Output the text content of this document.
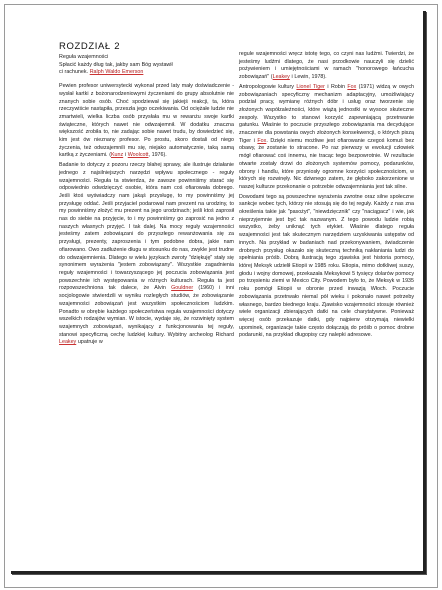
ROZDZIAŁ 2

Reguła wzajemności
Spłacić każdy dług tak, jakby sam Bóg wystawił
ci rachunek. Ralph Waldo Emerson

Pewien profesor uniwersytecki wykonał przed laty mały doświadczenie - wysłał kartki z bożonarodzeniowymi życzeniami do grupy absolutnie nie znanych sobie osób. Choć spodziewał się jakiejś reakcji, ta, która rzeczywiście nastąpiła, przeszła jego oczekiwania. Od ociężałe ludzie nie zmartwieli, wielka liczba osób przysłała mu w rewanżu swoje kartki świąteczne, których nawet nie odwzajemnił. W dodatku znaczna większość zrobiła to, nie zadając sobie nawet trudu, by dowiedzieć się, kim jest ów nieznany profesor. Po prostu, skoro dostali od niego życzenia, też odwzajemnili mu się, niejako automatycznie, taką samą kartką z życzeniami. (Kunz i Woolcott, 1976).

Badanie to dotyczy z pozoru rzeczy błahej sprawy, ale ilustruje działanie jednego z najsilniejszych narzędzi wpływu społecznego - reguły wzajemności. Reguła ta stwierdza, że zawsze powinniśmy starać się odpowiednio odwdzięczyć osobie, która nam coś ofiarowała dobrego. Jeśli ktoś wyświadczy nam jakąś przysługę, to my powinniśmy jej przysługę oddać. Jeśli przyjaciel podarował nam prezent na urodziny, to my powinniśmy złożyć mu prezent na jego urodzinach; jeśli ktoś zaprosił nas do siebie na przyjęcie, to i my powinniśmy go zaprosić na jedno z naszych własnych przyjęć. I tak dalej. Na mocy reguły wzajemności jesteśmy zatem zobowiązani do przyszłego rewanżowania się za przysługi, prezenty, zaproszenia i tym podobne dobra, jakie nam ofiarowano. Owo zadłużenie długu w stosunku do nas, zwykle jest trudne do odwzajemnienia. Dlatego w wielu językach zwroty "dziękuję" stały się synonimem wyrażenia "jestem zobowiązany". Wszystkie zagadnienia reguły wzajemności i towarzyszącego jej poczucia zobowiązania jest powszechnie ich występowania w różnych kulturach. Reguła ta jest rozpowszechniona tak dalece, że Alvin Gouldner (1960) i inni socjologowie stwierdzili w wyniku rozległych studiów, że zobowiązanie wzajemności zobowiązań jest wszystkim społecznościom ludzkim. Ponadto w obrębie każdego społeczeństwa reguła wzajemności dotyczy wszelkich rodzajów wymian. W istocie, wydaje się, że rozwinięty system wzajemnych zobowiązań, wynikający z funkcjonowania tej reguły, stanowi specyficzną cechę ludzkiej kultury. Wybitny archeolog Richard Leakey upatruje w

regule wzajemności wręcz istotę tego, co czyni nas ludźmi. Twierdzi, że jesteśmy ludźmi dlatego, że nasi przodkowie nauczyli się dzielić pożywieniem i umiejętnościami w ramach "honorowego łańcucha zobowiązań" (Leakey i Lewin, 1978).

Antropologowie kultury Lionel Tiger i Robin Fox (1971) widzą w owych zobowiązaniach specyficzny mechanizm adaptacyjny, umożliwiający podział pracy, wymianę różnych dóbr i usług oraz tworzenie się złożonych współzależności, które wiążą jednostki w wysoce skuteczne zespoły. Wszystko to stanowi korzyść zapewniającą przetrwanie gatunku. Właśnie to poczucie przyszłego zobowiązania ma decydujące znaczenie dla powstania owych złożonych konsekwencji, o których piszą Tiger i Fox. Dzięki niemu możliwe jest ofiarowanie czegoś komuś bez obawy, że zostanie to stracone. Po raz pierwszy w ewolucji człowiek mógł ofiarować coś innemu, nie tracąc tego bezpowrotnie. W rezultacie otwarte zostały drzwi do złożonych systemów pomocy, podarunków, obrony i handlu, które przyniosły ogromne korzyści społecznościom, w których się rozwinęły. Nic dziwnego zatem, że głęboko zakorzenione w naszej kulturze przekonanie o potrzebie odwzajemniania jest tak silne.

Dowodami tego są powszechne wyrażenia zwrotne oraz silne społeczne sankcje wobec tych, którzy nie stosują się do tej reguły. Każdy z nas zna określenia takie jak "pasożyt", "niewdzięcznik" czy "naciągacz" i wie, jak nieprzyjemnie jest być tak nazwanym. Z tego powodu ludzie robią wszystko, żeby uniknąć tych etykiet. Właśnie dlatego reguła wzajemności jest tak skutecznym narzędziem uzyskiwania ustępstw od innych. Na przykład w badaniach nad przekonywaniem, świadczenie drobnych przysług okazało się skuteczną techniką nakłaniania ludzi do spełniania próśb. Dobrą ilustracją tego zjawiska jest historia pomocy, której Meksyk udzielił Etiopii w 1985 roku. Etiopia, mimo dotkliwej suszy, głodu i wojny domowej, przekazała Meksykowi 5 tysięcy dolarów pomocy po trzęsieniu ziemi w Mexico City. Powodem było to, że Meksyk w 1935 roku pomógł Etiopii w obronie przed inwazją Włoch. Poczucie zobowiązania przetrwało niemal pół wieku i pokonało nawet potrzeby własnego, bardzo biednego kraju. Zjawisko wzajemności stosuje również wiele organizacji zbierających datki na cele charytatywne. Ponieważ więcej osób przekazuje datki, gdy najpierw otrzymają niewielki upominek, organizacje takie często dołączają do próśb o pomoc drobne podarunki, na przykład długopisy czy nalepki adresowe.
